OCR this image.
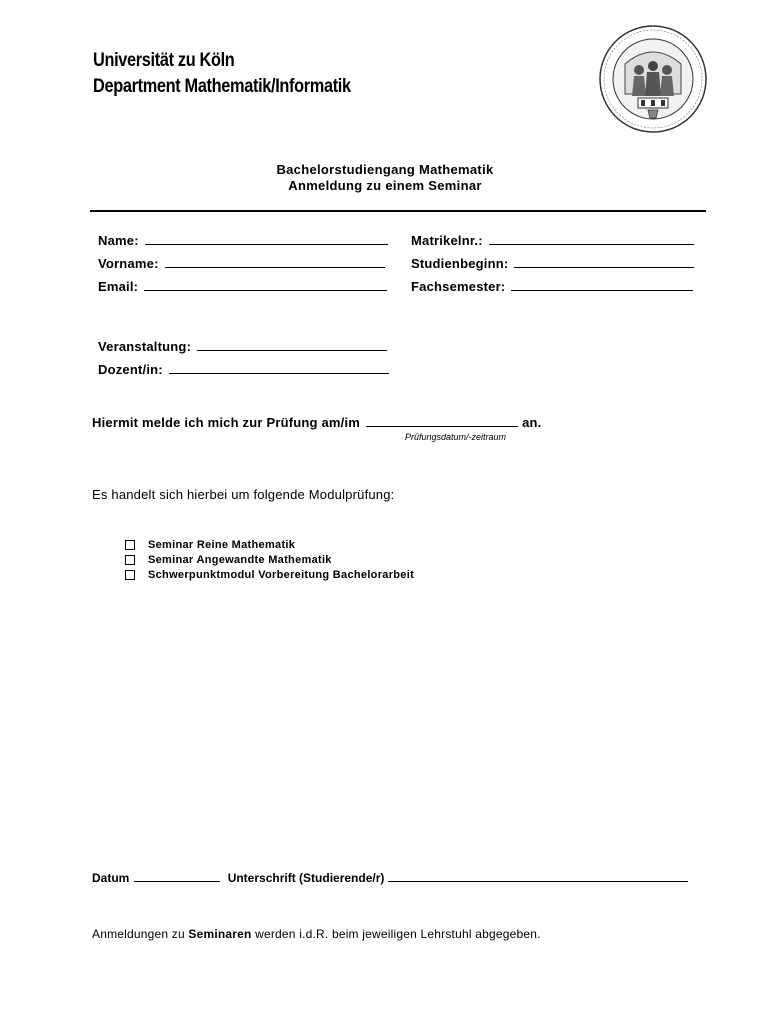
Universität zu Köln
Department Mathematik/Informatik
Bachelorstudiengang Mathematik
Anmeldung zu einem Seminar
Name:
Vorname:
Email:
Matrikelnr.:
Studienbeginn:
Fachsemester:
Veranstaltung:
Dozent/in:
Hiermit melde ich mich zur Prüfung am/im	an.
Prüfungsdatum/-zeitraum
Es handelt sich hierbei um folgende Modulprüfung:
Seminar Reine Mathematik
Seminar Angewandte Mathematik
Schwerpunktmodul Vorbereitung Bachelorarbeit
Datum	Unterschrift (Studierende/r)
Anmeldungen zu Seminaren werden i.d.R. beim jeweiligen Lehrstuhl abgegeben.
